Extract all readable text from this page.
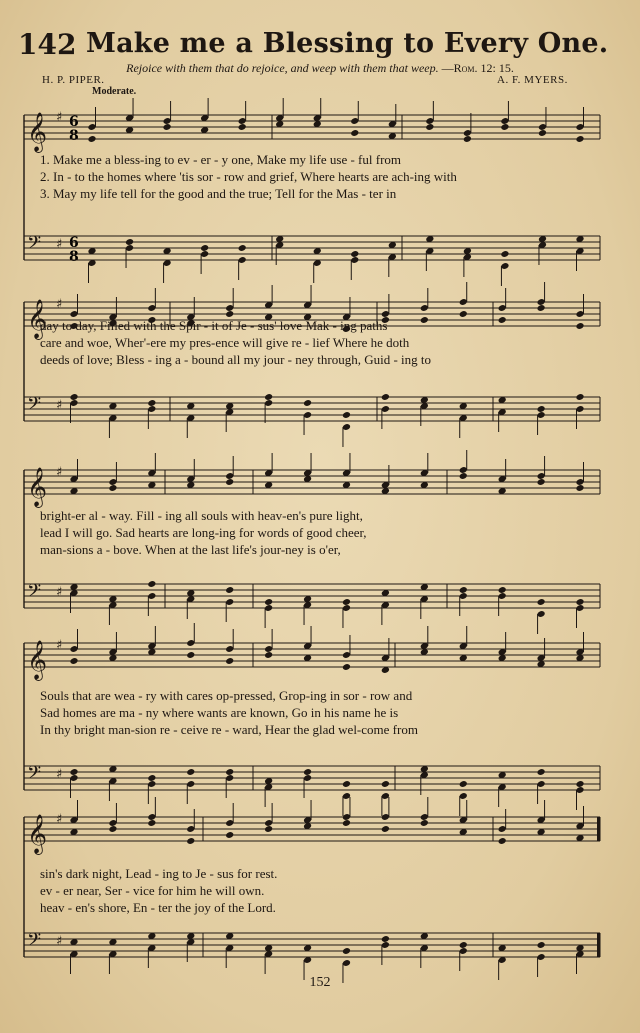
142 Make me a Blessing to Every One.
Rejoice with them that do rejoice, and weep with them that weep. —Rom. 12: 15.
H. P. PIPER.	A. F. MYERS.
Moderate.
6
8
6
8
𝄞
𝄢
♯
♯
𝄞
𝄢
♯
♯
𝄞
𝄢
♯
♯
𝄞
𝄢
♯
♯
𝄞
𝄢
♯
♯
1. Make me a bless-ing to ev - er - y one, Make my life use - ful from
2. In - to the homes where 'tis sor - row and grief, Where hearts are ach-ing with
3. May my life tell for the good and the true; Tell for the Mas - ter in
day to day, Filled with the Spir - it of Je - sus' love Mak - ing paths
care and woe, Wher'-ere my pres-ence will give re - lief Where he doth
deeds of love; Bless - ing a - bound all my jour - ney through, Guid - ing to
bright-er al - way. Fill - ing all souls with heav-en's pure light,
lead I will go. Sad hearts are long-ing for words of good cheer,
man-sions a - bove. When at the last life's jour-ney is o'er,
Souls that are wea - ry with cares op-pressed, Grop-ing in sor - row and
Sad homes are ma - ny where wants are known, Go in his name he is
In thy bright man-sion re - ceive re - ward, Hear the glad wel-come from
sin's dark night, Lead - ing to Je - sus for rest.
ev - er near, Ser - vice for him he will own.
heav - en's shore, En - ter the joy of the Lord.
152
